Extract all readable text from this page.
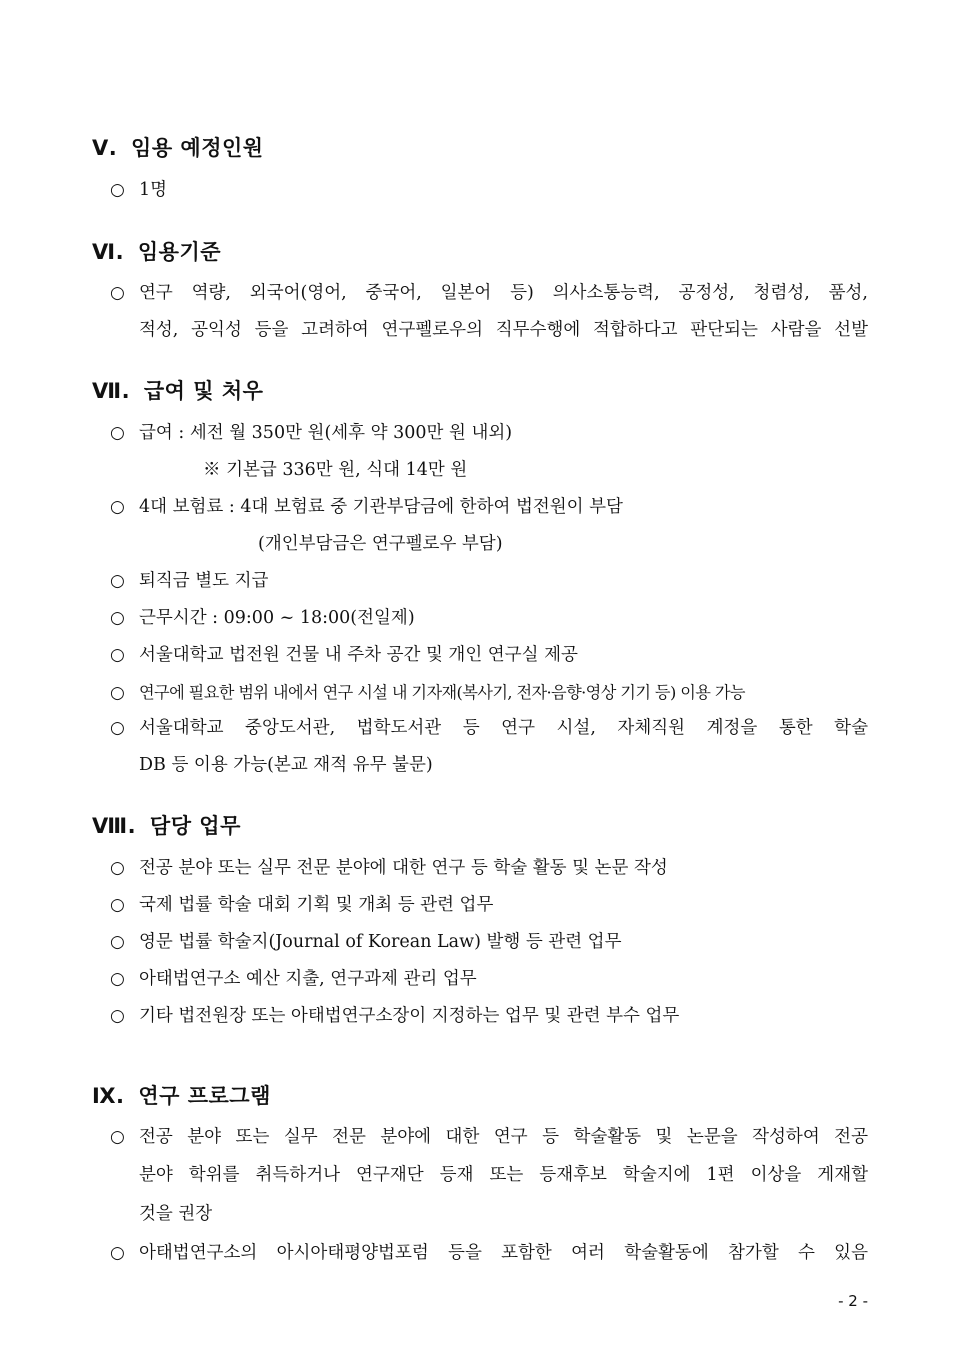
Ⅴ. 임용 예정인원
○ 1명
Ⅵ. 임용기준
○ 연구 역량, 외국어(영어, 중국어, 일본어 등) 의사소통능력, 공정성, 청렴성, 품성,
적성, 공익성 등을 고려하여 연구펠로우의 직무수행에 적합하다고 판단되는 사람을 선발
Ⅶ. 급여 및 처우
○ 급여 : 세전 월 350만 원(세후 약 300만 원 내외)
※ 기본급 336만 원, 식대 14만 원
○ 4대 보험료 : 4대 보험료 중 기관부담금에 한하여 법전원이 부담
(개인부담금은 연구펠로우 부담)
○ 퇴직금 별도 지급
○ 근무시간 : 09:00 ~ 18:00(전일제)
○ 서울대학교 법전원 건물 내 주차 공간 및 개인 연구실 제공
○ 연구에 필요한 범위 내에서 연구 시설 내 기자재(복사기, 전자·음향·영상 기기 등) 이용 가능
○ 서울대학교 중앙도서관, 법학도서관 등 연구 시설, 자체직원 계정을 통한 학술
DB 등 이용 가능(본교 재적 유무 불문)
Ⅷ. 담당 업무
○ 전공 분야 또는 실무 전문 분야에 대한 연구 등 학술 활동 및 논문 작성
○ 국제 법률 학술 대회 기획 및 개최 등 관련 업무
○ 영문 법률 학술지(Journal of Korean Law) 발행 등 관련 업무
○ 아태법연구소 예산 지출, 연구과제 관리 업무
○ 기타 법전원장 또는 아태법연구소장이 지정하는 업무 및 관련 부수 업무
Ⅸ. 연구 프로그램
○ 전공 분야 또는 실무 전문 분야에 대한 연구 등 학술활동 및 논문을 작성하여 전공
분야 학위를 취득하거나 연구재단 등재 또는 등재후보 학술지에 1편 이상을 게재할
것을 권장
○ 아태법연구소의 아시아태평양법포럼 등을 포함한 여러 학술활동에 참가할 수 있음
- 2 -
